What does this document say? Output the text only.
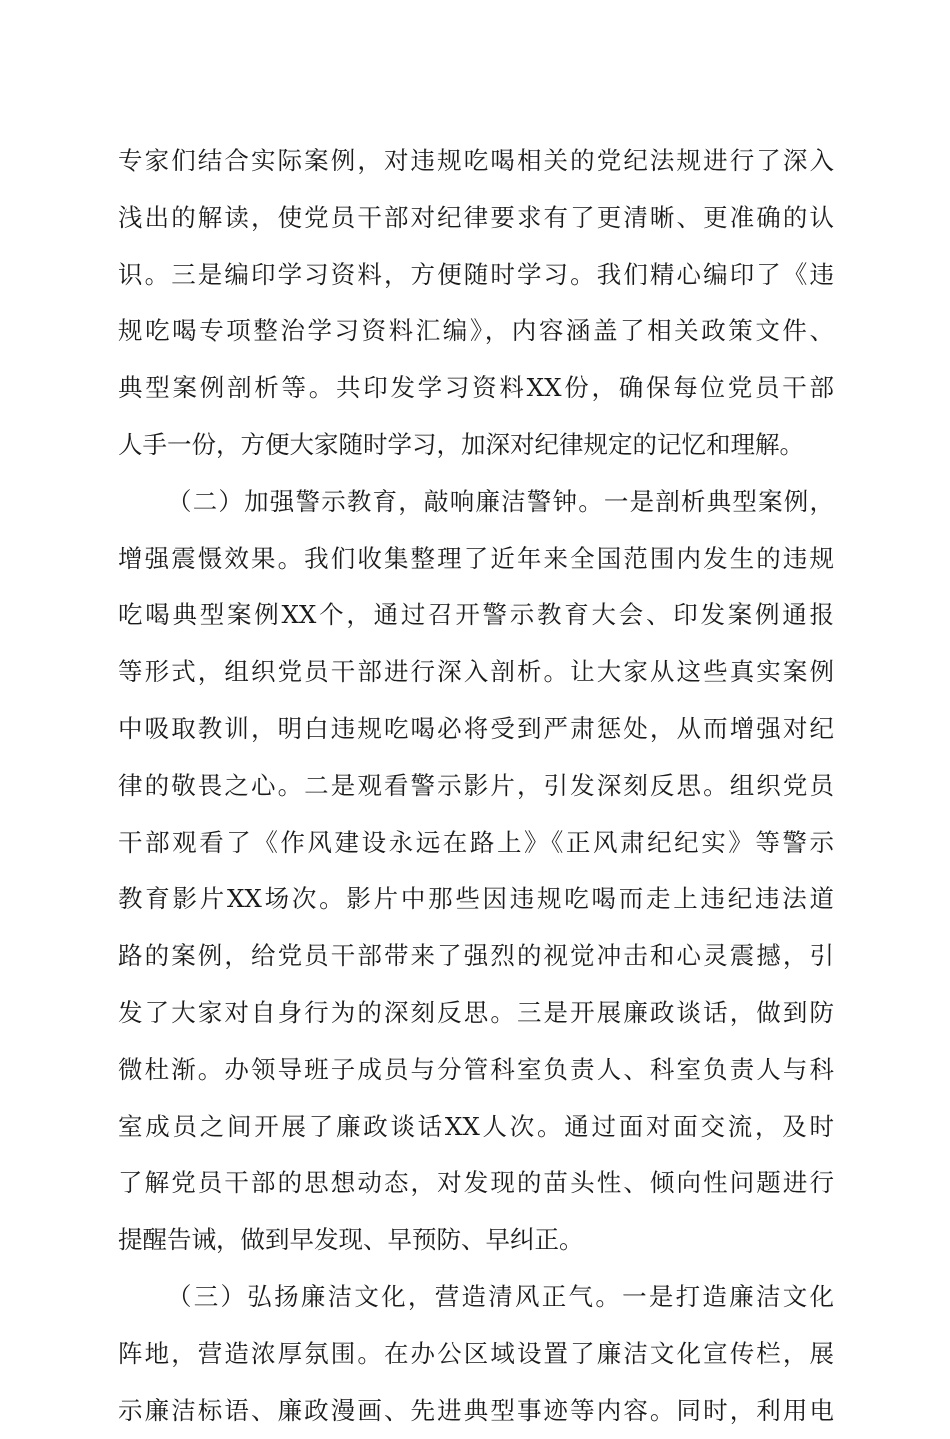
专家们结合实际案例，对违规吃喝相关的党纪法规进行了深入
浅出的解读，使党员干部对纪律要求有了更清晰、更准确的认
识。三是编印学习资料，方便随时学习。我们精心编印了《违
规吃喝专项整治学习资料汇编》，内容涵盖了相关政策文件、
典型案例剖析等。共印发学习资料XX份，确保每位党员干部
人手一份，方便大家随时学习，加深对纪律规定的记忆和理解。
（二）加强警示教育，敲响廉洁警钟。一是剖析典型案例，
增强震慑效果。我们收集整理了近年来全国范围内发生的违规
吃喝典型案例XX个，通过召开警示教育大会、印发案例通报
等形式，组织党员干部进行深入剖析。让大家从这些真实案例
中吸取教训，明白违规吃喝必将受到严肃惩处，从而增强对纪
律的敬畏之心。二是观看警示影片，引发深刻反思。组织党员
干部观看了《作风建设永远在路上》《正风肃纪纪实》等警示
教育影片XX场次。影片中那些因违规吃喝而走上违纪违法道
路的案例，给党员干部带来了强烈的视觉冲击和心灵震撼，引
发了大家对自身行为的深刻反思。三是开展廉政谈话，做到防
微杜渐。办领导班子成员与分管科室负责人、科室负责人与科
室成员之间开展了廉政谈话XX人次。通过面对面交流，及时
了解党员干部的思想动态，对发现的苗头性、倾向性问题进行
提醒告诫，做到早发现、早预防、早纠正。
（三）弘扬廉洁文化，营造清风正气。一是打造廉洁文化
阵地，营造浓厚氛围。在办公区域设置了廉洁文化宣传栏，展
示廉洁标语、廉政漫画、先进典型事迹等内容。同时，利用电
